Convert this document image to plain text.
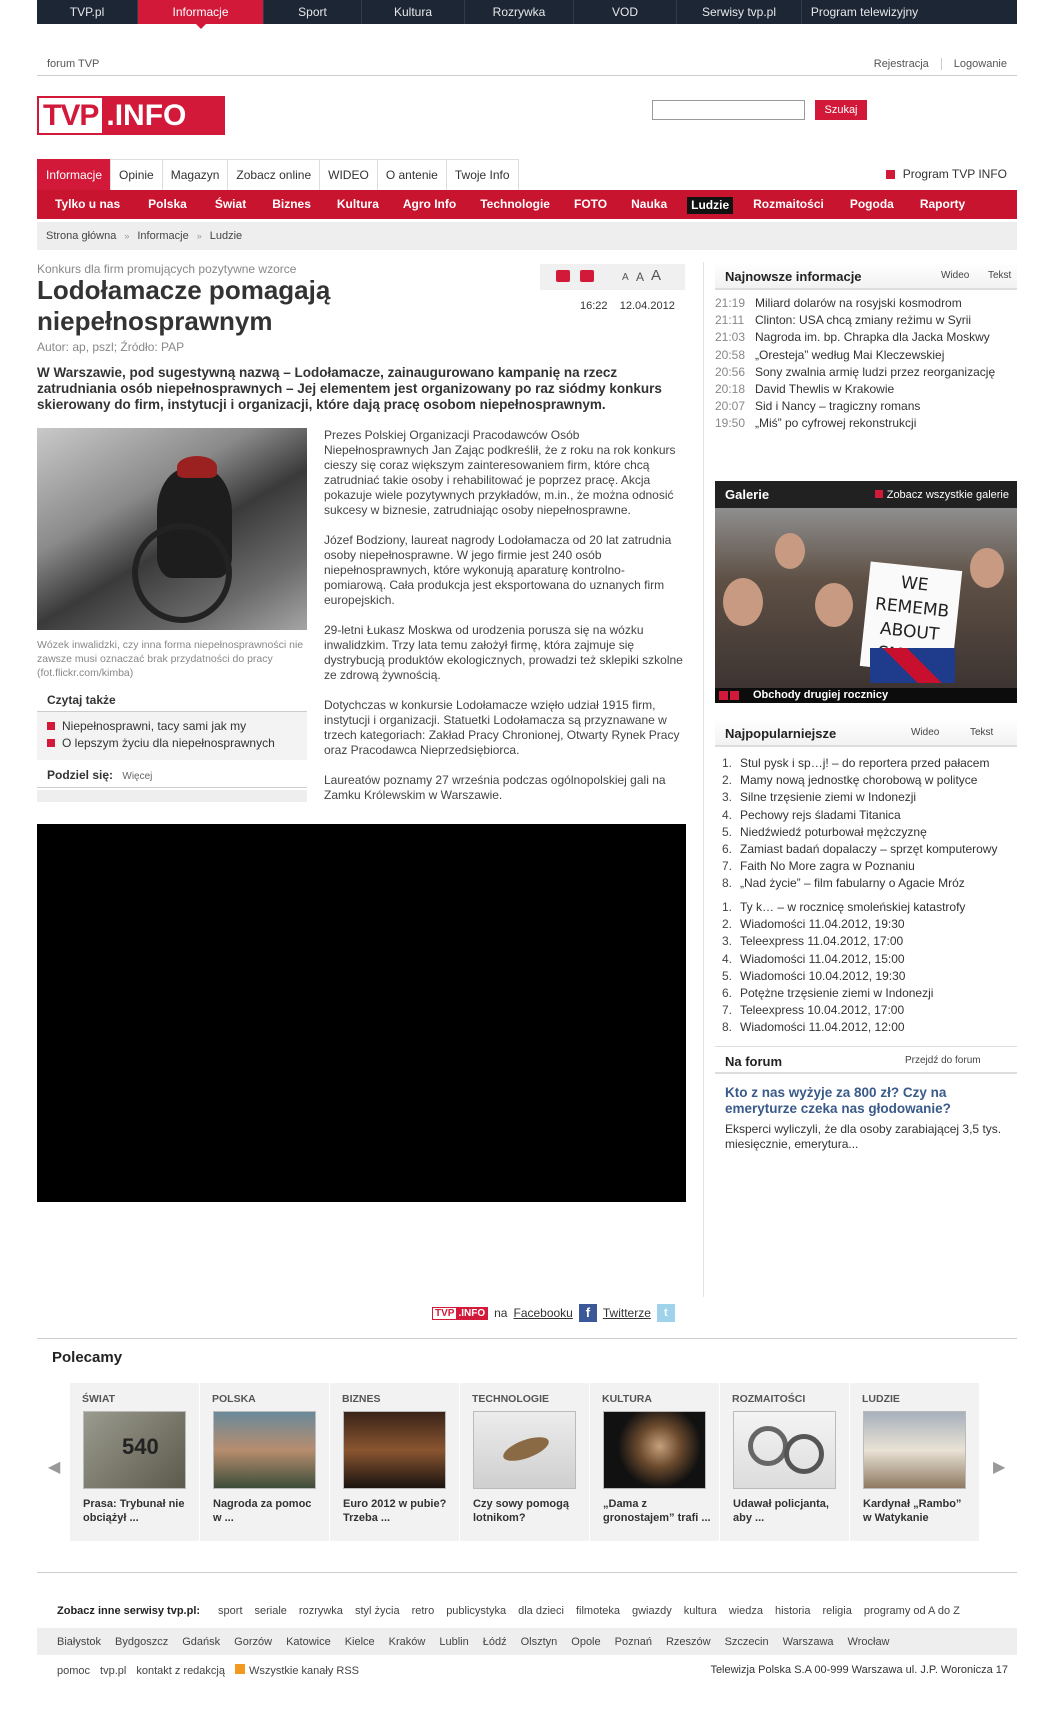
TVP.pl	Informacje	Sport	Kultura	Rozrywka	VOD	Serwisy tvp.pl	Program telewizyjny
forum TVP	Rejestracja Logowanie
TVP .INFO	Szukaj
Informacje	Opinie	Magazyn	Zobacz online	WIDEO	O antenie	Twoje Info	Program TVP INFO
Tylko u nas	Polska	Świat	Biznes	Kultura	Agro Info	Technologie	FOTO	Nauka	Ludzie	Rozmaitości	Pogoda	Raporty
Strona główna » Informacje » Ludzie
Konkurs dla firm promujących pozytywne wzorce
Lodołamacze pomagają niepełnosprawnym
Autor: ap, pszl; Źródło: PAP
A A A
16:22 12.04.2012

W Warszawie, pod sugestywną nazwą – Lodołamacze, zainaugurowano kampanię na rzecz zatrudniania osób niepełnosprawnych – Jej elementem jest organizowany po raz siódmy konkurs skierowany do firm, instytucji i organizacji, które dają pracę osobom niepełnosprawnym.

Wózek inwalidzki, czy inna forma niepełnosprawności nie zawsze musi oznaczać brak przydatności do pracy (fot.flickr.com/kimba)
Czytaj także
Niepełnosprawni, tacy sami jak my
O lepszym życiu dla niepełnosprawnych
Podziel się: Więcej

Prezes Polskiej Organizacji Pracodawców Osób Niepełnosprawnych Jan Zając podkreślił, że z roku na rok konkurs cieszy się coraz większym zainteresowaniem firm, które chcą zatrudniać takie osoby i rehabilitować je poprzez pracę. Akcja pokazuje wiele pozytywnych przykładów, m.in., że można odnosić sukcesy w biznesie, zatrudniając osoby niepełnosprawne.

Józef Bodziony, laureat nagrody Lodołamacza od 20 lat zatrudnia osoby niepełnosprawne. W jego firmie jest 240 osób niepełnosprawnych, które wykonują aparaturę kontrolno-pomiarową. Cała produkcja jest eksportowana do uznanych firm europejskich.

29-letni Łukasz Moskwa od urodzenia porusza się na wózku inwalidzkim. Trzy lata temu założył firmę, która zajmuje się dystrybucją produktów ekologicznych, prowadzi też sklepiki szkolne ze zdrową żywnością.

Dotychczas w konkursie Lodołamacze wzięło udział 1915 firm, instytucji i organizacji. Statuetki Lodołamacza są przyznawane w trzech kategoriach: Zakład Pracy Chronionej, Otwarty Rynek Pracy oraz Pracodawca Nieprzedsiębiorca.

Laureatów poznamy 27 września podczas ogólnopolskiej gali na Zamku Królewskim w Warszawie.

TVP .INFO na Facebooku f	Twitterze	t
Najnowsze informacje	Wideo Tekst
21:19 Miliard dolarów na rosyjski kosmodrom
21:11 Clinton: USA chcą zmiany reżimu w Syrii
21:03 Nagroda im. bp. Chrapka dla Jacka Moskwy
20:58 „Oresteja” według Mai Kleczewskiej
20:56 Sony zwalnia armię ludzi przez reorganizację
20:18 David Thewlis w Krakowie
20:07 Sid i Nancy – tragiczny romans
19:50 „Miś” po cyfrowej rekonstrukcji
Galerie	Zobacz wszystkie galerie
WE REMEMB
ABOUT
Obchody drugiej rocznicy
Najpopularniejsze	Wideo	Tekst
1. Stul pysk i sp…j! – do reportera przed pałacem
2. Mamy nową jednostkę chorobową w polityce
3. Silne trzęsienie ziemi w Indonezji
4. Pechowy rejs śladami Titanica
5. Niedźwiedź poturbował mężczyznę
6. Zamiast badań dopalaczy – sprzęt komputerowy
7. Faith No More zagra w Poznaniu
8. „Nad życie” – film fabularny o Agacie Mróz
1. Ty k… – w rocznicę smoleńskiej katastrofy
2. Wiadomości 11.04.2012, 19:30
3. Teleexpress 11.04.2012, 17:00
4. Wiadomości 11.04.2012, 15:00
5. Wiadomości 10.04.2012, 19:30
6. Potężne trzęsienie ziemi w Indonezji
7. Teleexpress 10.04.2012, 17:00
8. Wiadomości 11.04.2012, 12:00
Na forum	Przejdź do forum
Kto z nas wyżyje za 800 zł? Czy na emeryturze czeka nas głodowanie?
Eksperci wyliczyli, że dla osoby zarabiającej 3,5 tys. miesięcznie, emerytura...
Polecamy
◀	▶
ŚWIAT
540
Prasa: Trybunał nie obciążył ...
POLSKA
Nagroda za pomoc w ...
BIZNES
Euro 2012 w pubie? Trzeba ...
TECHNOLOGIE
Czy sowy pomogą lotnikom?
KULTURA
„Dama z gronostajem” trafi ...
ROZMAITOŚCI
Udawał policjanta, aby ...
LUDZIE
Kardynał „Rambo” w Watykanie
Zobacz inne serwisy tvp.pl: sport seriale rozrywka styl życia retro publicystyka dla dzieci filmoteka gwiazdy kultura wiedza historia religia programy od A do Z
Białystok Bydgoszcz Gdańsk Gorzów Katowice Kielce Kraków Lublin Łódź Olsztyn Opole Poznań Rzeszów Szczecin Warszawa Wrocław
pomoc tvp.pl kontakt z redakcją	Wszystkie kanały RSS	Telewizja Polska S.A 00-999 Warszawa ul. J.P. Woronicza 17
